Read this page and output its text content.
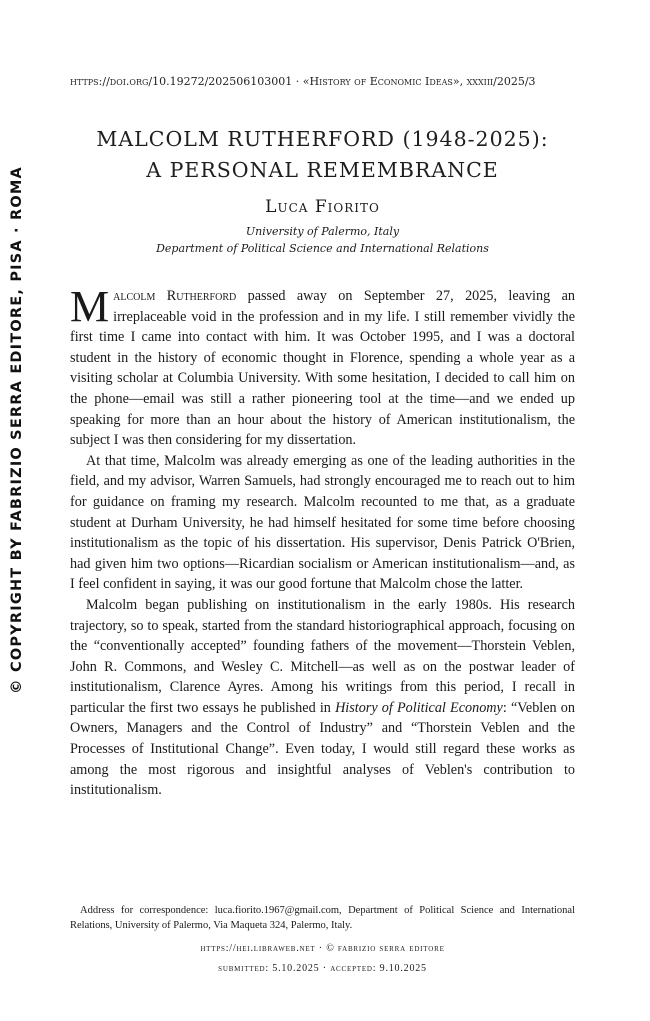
© COPYRIGHT BY FABRIZIO SERRA EDITORE, PISA · ROMA
https://doi.org/10.19272/202506103001 · «History of Economic Ideas», xxxiii/2025/3
MALCOLM RUTHERFORD (1948-2025):
A PERSONAL REMEMBRANCE
Luca Fiorito
University of Palermo, Italy
Department of Political Science and International Relations

Malcolm Rutherford passed away on September 27, 2025, leaving an irreplaceable void in the profession and in my life. I still remember vividly the first time I came into contact with him. It was October 1995, and I was a doctoral student in the history of economic thought in Florence, spending a whole year as a visiting scholar at Columbia University. With some hesitation, I decided to call him on the phone—email was still a rather pioneering tool at the time—and we ended up speaking for more than an hour about the history of American institutionalism, the subject I was then considering for my dissertation.

At that time, Malcolm was already emerging as one of the leading authorities in the field, and my advisor, Warren Samuels, had strongly encouraged me to reach out to him for guidance on framing my research. Malcolm recounted to me that, as a graduate student at Durham University, he had himself hesitated for some time before choosing institutionalism as the topic of his dissertation. His supervisor, Denis Patrick O'Brien, had given him two options—Ricardian socialism or American institutionalism—and, as I feel confident in saying, it was our good fortune that Malcolm chose the latter.

Malcolm began publishing on institutionalism in the early 1980s. His research trajectory, so to speak, started from the standard historiographical approach, focusing on the “conventionally accepted” founding fathers of the movement—Thorstein Veblen, John R. Commons, and Wesley C. Mitchell—as well as on the postwar leader of institutionalism, Clarence Ayres. Among his writings from this period, I recall in particular the first two essays he published in History of Political Economy: “Veblen on Owners, Managers and the Control of Industry” and “Thorstein Veblen and the Processes of Institutional Change”. Even today, I would still regard these works as among the most rigorous and insightful analyses of Veblen's contribution to institutionalism.

Address for correspondence: luca.fiorito.1967@gmail.com, Department of Political Science and International Relations, University of Palermo, Via Maqueta 324, Palermo, Italy.
https://hei.libraweb.net · © fabrizio serra editore
submitted: 5.10.2025 · accepted: 9.10.2025
